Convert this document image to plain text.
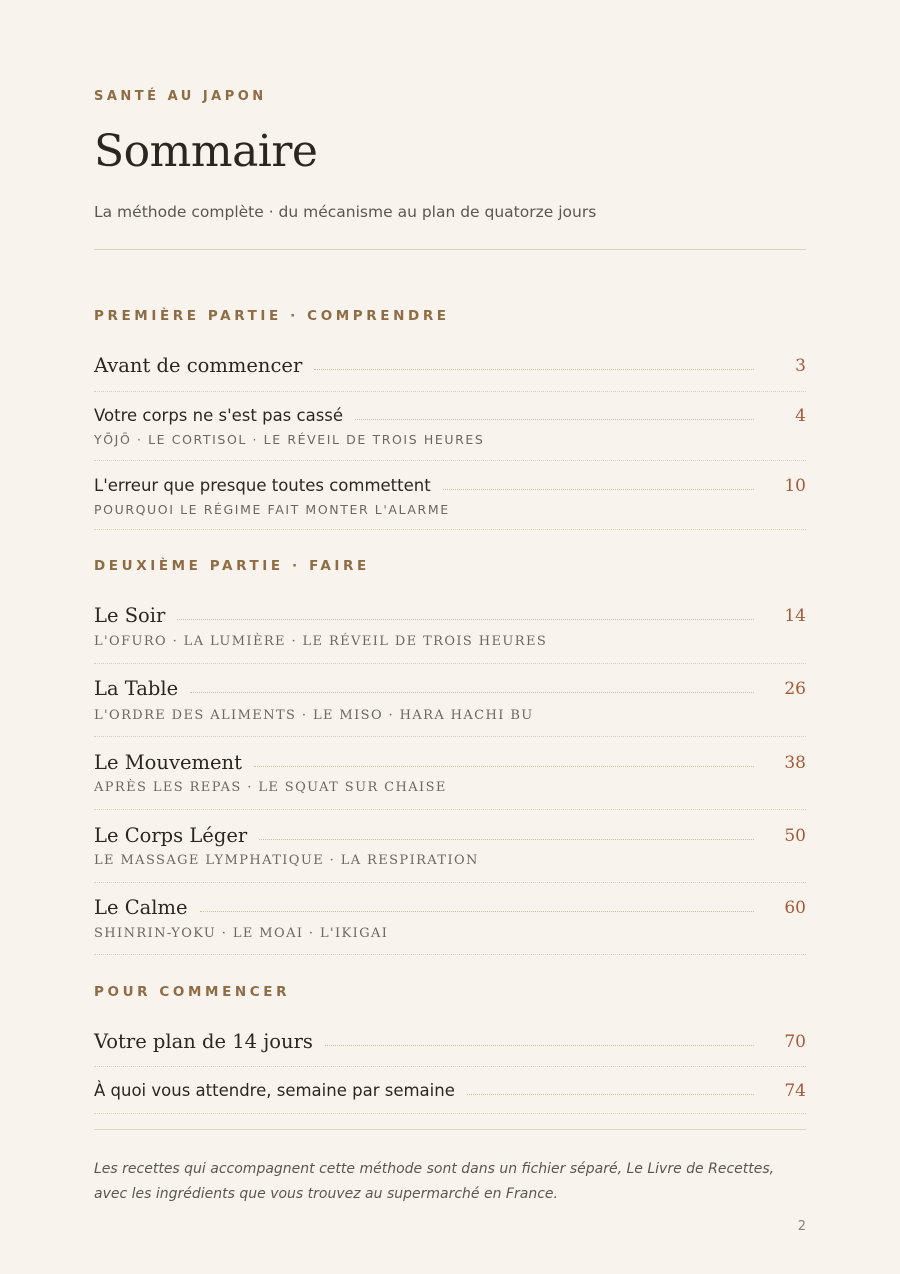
SANTÉ AU JAPON
Sommaire
La méthode complète · du mécanisme au plan de quatorze jours
PREMIÈRE PARTIE · COMPRENDRE
Avant de commencer	3
Votre corps ne s'est pas cassé	4
YŌJŌ · LE CORTISOL · LE RÉVEIL DE TROIS HEURES
L'erreur que presque toutes commettent	10
POURQUOI LE RÉGIME FAIT MONTER L'ALARME
DEUXIÈME PARTIE · FAIRE
Le Soir	14
L'OFURO · LA LUMIÈRE · LE RÉVEIL DE TROIS HEURES
La Table	26
L'ORDRE DES ALIMENTS · LE MISO · HARA HACHI BU
Le Mouvement	38
APRÈS LES REPAS · LE SQUAT SUR CHAISE
Le Corps Léger	50
LE MASSAGE LYMPHATIQUE · LA RESPIRATION
Le Calme	60
SHINRIN-YOKU · LE MOAI · L'IKIGAI
POUR COMMENCER
Votre plan de 14 jours	70
À quoi vous attendre, semaine par semaine	74

Les recettes qui accompagnent cette méthode sont dans un fichier séparé, Le Livre de Recettes, avec les ingrédients que vous trouvez au supermarché en France.

2
